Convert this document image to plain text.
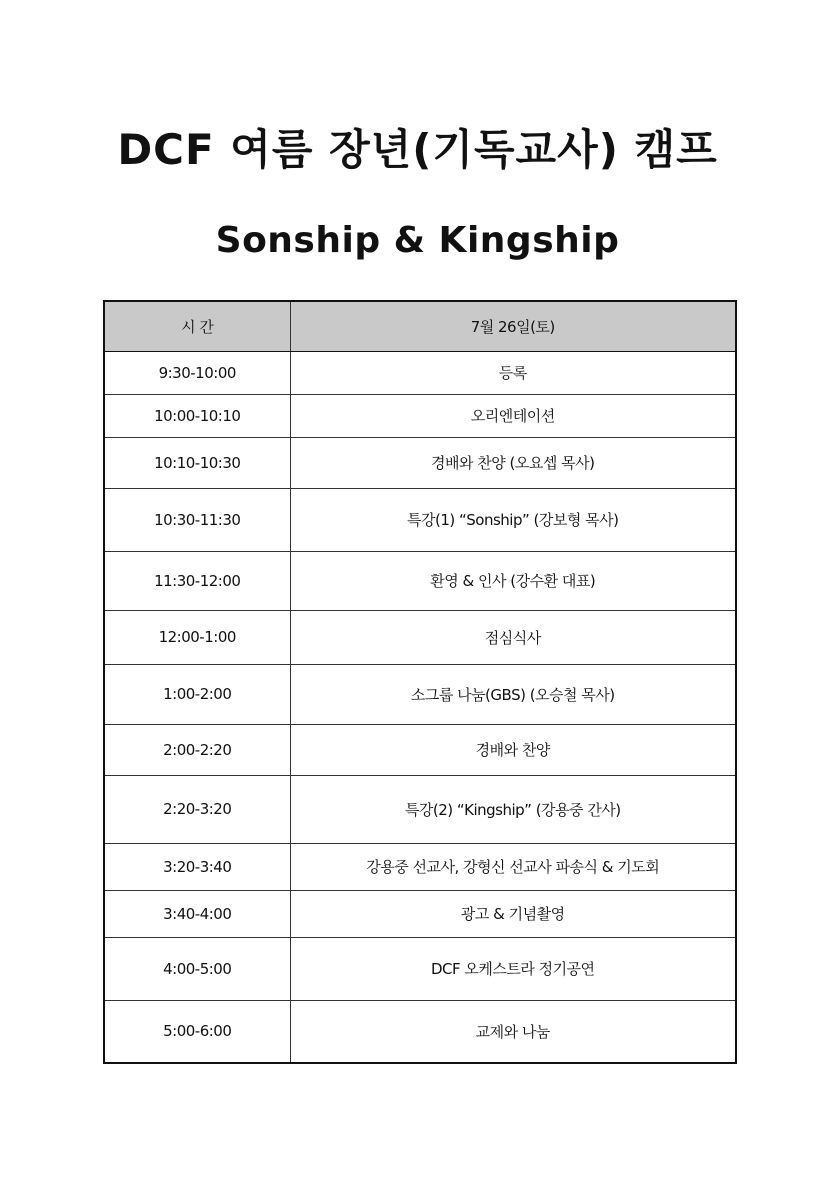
DCF 여름 장년(기독교사) 캠프
Sonship & Kingship
시 간	7월 26일(토)
9:30-10:00	등록
10:00-10:10	오리엔테이션
10:10-10:30	경배와 찬양 (오요셉 목사)
10:30-11:30	특강(1) “Sonship” (강보형 목사)
11:30-12:00	환영 & 인사 (강수환 대표)
12:00-1:00	점심식사
1:00-2:00	소그룹 나눔(GBS) (오승철 목사)
2:00-2:20	경배와 찬양
2:20-3:20	특강(2) “Kingship” (강용중 간사)
3:20-3:40	강용중 선교사, 강형신 선교사 파송식 & 기도회
3:40-4:00	광고 & 기념촬영
4:00-5:00	DCF 오케스트라 정기공연
5:00-6:00	교제와 나눔
